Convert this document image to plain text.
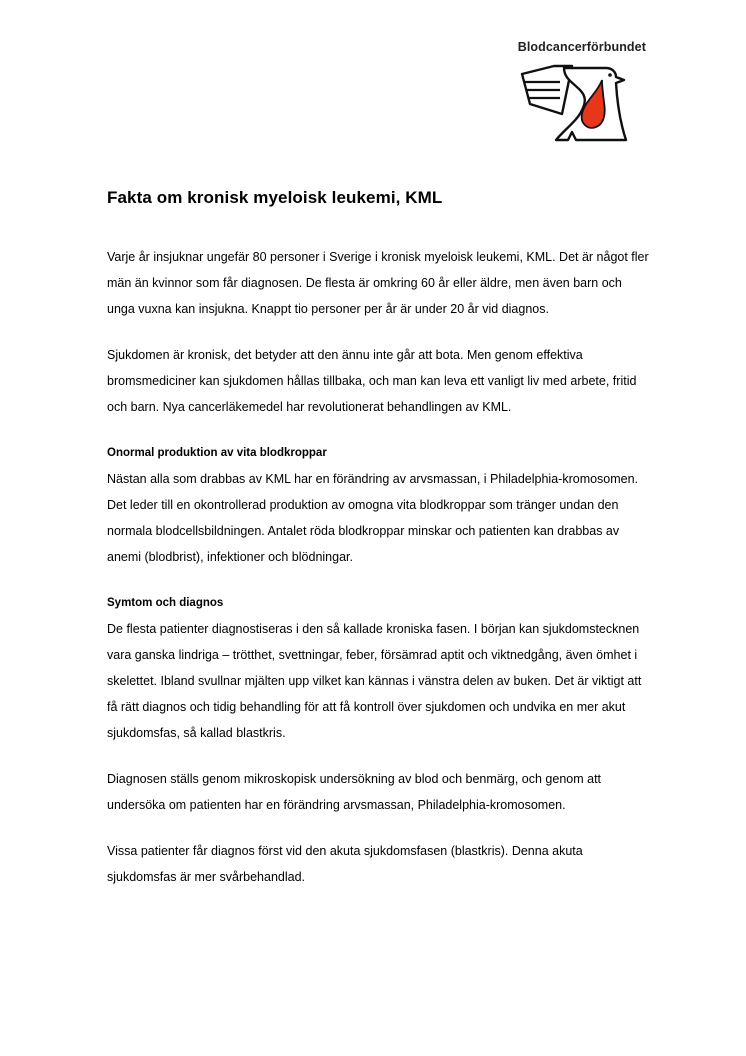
Blodcancerförbundet
Fakta om kronisk myeloisk leukemi, KML

Varje år insjuknar ungefär 80 personer i Sverige i kronisk myeloisk leukemi, KML. Det är något fler män än kvinnor som får diagnosen. De flesta är omkring 60 år eller äldre, men även barn och unga vuxna kan insjukna. Knappt tio personer per år är under 20 år vid diagnos.

Sjukdomen är kronisk, det betyder att den ännu inte går att bota. Men genom effektiva bromsmediciner kan sjukdomen hållas tillbaka, och man kan leva ett vanligt liv med arbete, fritid och barn. Nya cancerläkemedel har revolutionerat behandlingen av KML.

Onormal produktion av vita blodkroppar

Nästan alla som drabbas av KML har en förändring av arvsmassan, i Philadelphia-kromosomen. Det leder till en okontrollerad produktion av omogna vita blodkroppar som tränger undan den normala blodcellsbildningen. Antalet röda blodkroppar minskar och patienten kan drabbas av anemi (blodbrist), infektioner och blödningar.

Symtom och diagnos

De flesta patienter diagnostiseras i den så kallade kroniska fasen. I början kan sjukdomstecknen vara ganska lindriga – trötthet, svettningar, feber, försämrad aptit och viktnedgång, även ömhet i skelettet. Ibland svullnar mjälten upp vilket kan kännas i vänstra delen av buken. Det är viktigt att få rätt diagnos och tidig behandling för att få kontroll över sjukdomen och undvika en mer akut sjukdomsfas, så kallad blastkris.

Diagnosen ställs genom mikroskopisk undersökning av blod och benmärg, och genom att undersöka om patienten har en förändring arvsmassan, Philadelphia-kromosomen.

Vissa patienter får diagnos först vid den akuta sjukdomsfasen (blastkris). Denna akuta sjukdomsfas är mer svårbehandlad.
